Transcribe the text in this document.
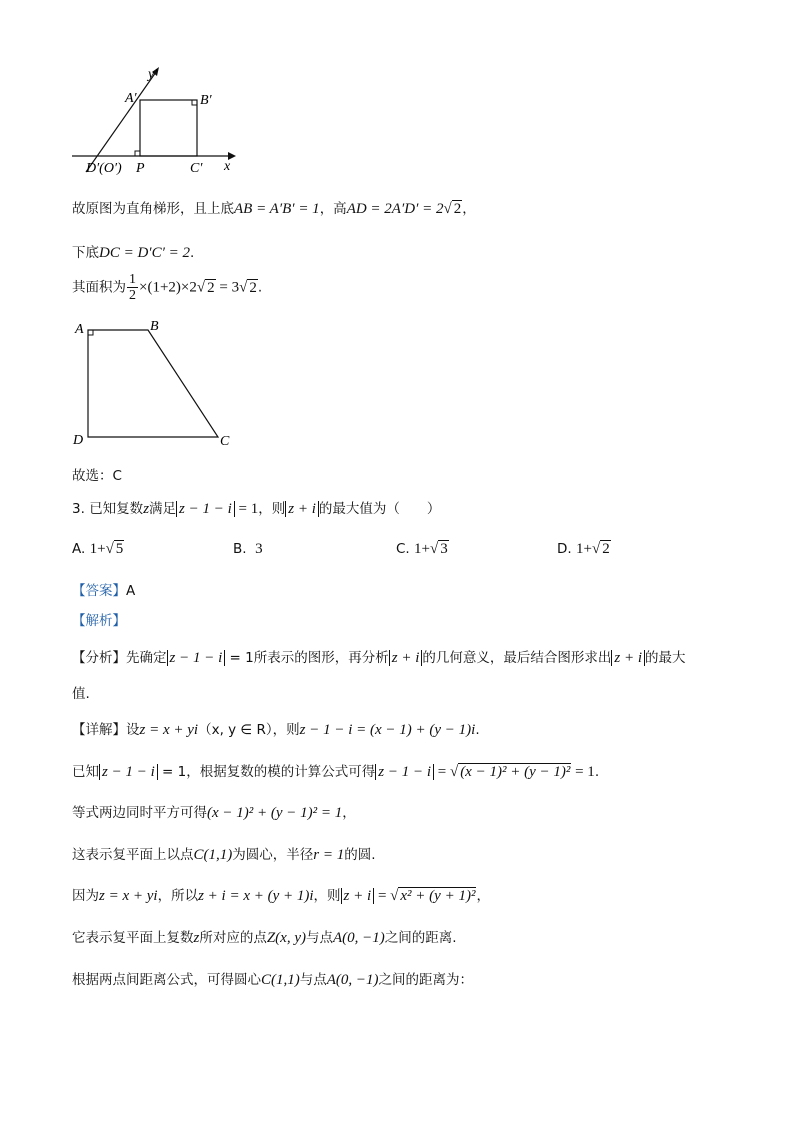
y′
x
A′	B′
C′
P
D′(O′)
故原图为直角梯形，且上底AB = A′B′ = 1，高AD = 2A′D′ = 2√ 2，
下底DC = D′C′ = 2.
其面积为 $\frac{1}{2} \times(1+2)\times 2√$ 2 = 3√ 2.
A	B
C
D
故选：C
3. 已知复数z满足 z − 1 − i = 1，则 z + i 的最大值为（　　）
A. 1+√ 5	B. 3	C. 1+√ 3	D. 1+√ 2
【答案】A
【解析】
【分析】先确定 z − 1 − i = 1所表示的图形，再分析 z + i 的几何意义，最后结合图形求出 z + i 的最大
值.
【详解】设z = x + yi（x, y ∈ R），则z − 1 − i = (x − 1) + (y − 1)i.
已知 z − 1 − i = 1，根据复数的模的计算公式可得 z − 1 − i = √ (x − 1)² + (y − 1)² = 1.
等式两边同时平方可得(x − 1)² + (y − 1)² = 1，
这表示复平面上以点C(1,1)为圆心，半径r = 1的圆.
因为z = x + yi，所以z + i = x + (y + 1)i，则 z + i = √ x² + (y + 1)²，
它表示复平面上复数z所对应的点Z(x, y)与点A(0, −1)之间的距离.
根据两点间距离公式，可得圆心C(1,1)与点A(0, −1)之间的距离为：
